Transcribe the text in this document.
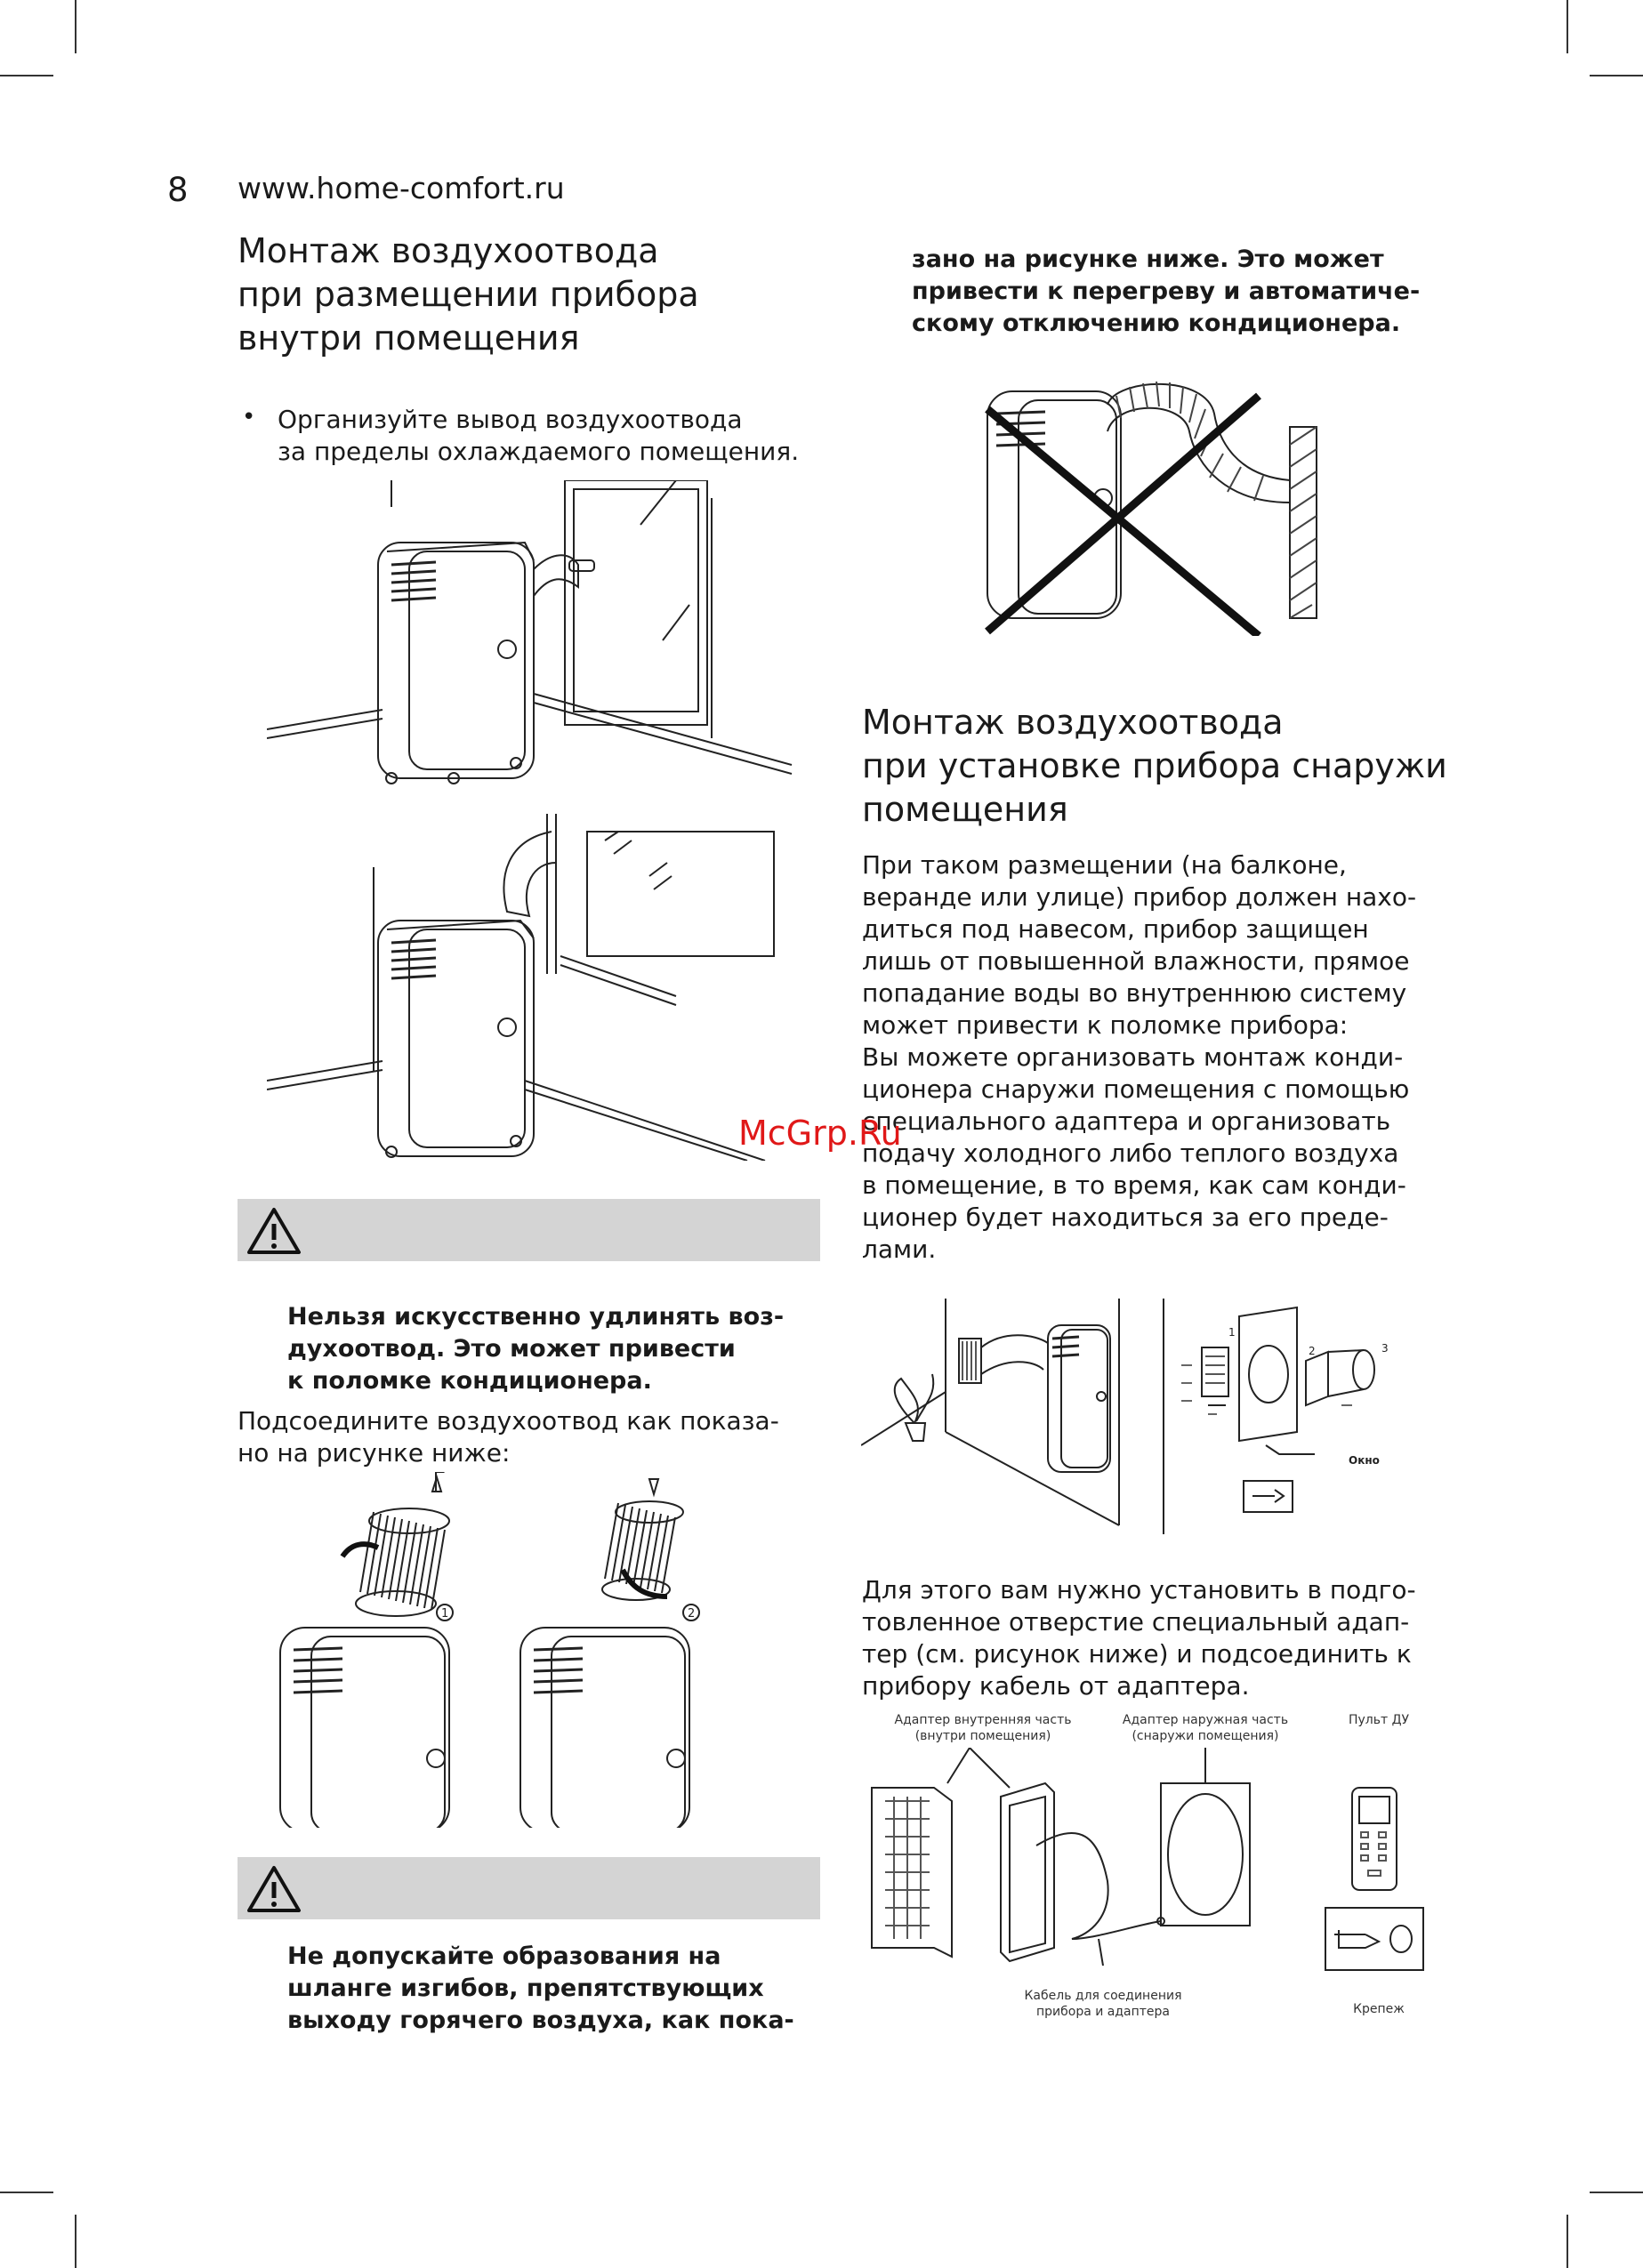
8 www.home-comfort.ru
Монтаж воздухоотвода
при размещении прибора
внутри помещения
• Организуйте вывод воздухоотвода
за пределы охлаждаемого помещения.
Нельзя искусственно удлинять воз-
духоотвод. Это может привести
к поломке кондиционера.
Подсоедините воздухоотвод как показа-
но на рисунке ниже:
1	2
Не допускайте образования на
шланге изгибов, препятствующих
выходу горячего воздуха, как пока-
зано на рисунке ниже. Это может
привести к перегреву и автоматиче-
скому отключению кондиционера.
Монтаж воздухоотвода
при установке прибора снаружи
помещения
При таком размещении (на балконе,
веранде или улице) прибор должен нахо-
диться под навесом, прибор защищен
лишь от повышенной влажности, прямое
попадание воды во внутреннюю систему
может привести к поломке прибора:
Вы можете организовать монтаж конди-
ционера снаружи помещения с помощью
специального адаптера и организовать
подачу холодного либо теплого воздуха
в помещение, в то время, как сам конди-
ционер будет находиться за его преде-
лами.
1
2	3
Окно
Для этого вам нужно установить в подго-
товленное отверстие специальный адап-
тер (см. рисунок ниже) и подсоединить к
прибору кабель от адаптера.
Адаптер внутренняя часть
(внутри помещения)
Адаптер наружная часть
(снаружи помещения)
Пульт ДУ
Кабель для соединения
прибора и адаптера	Крепеж
McGrp.Ru
